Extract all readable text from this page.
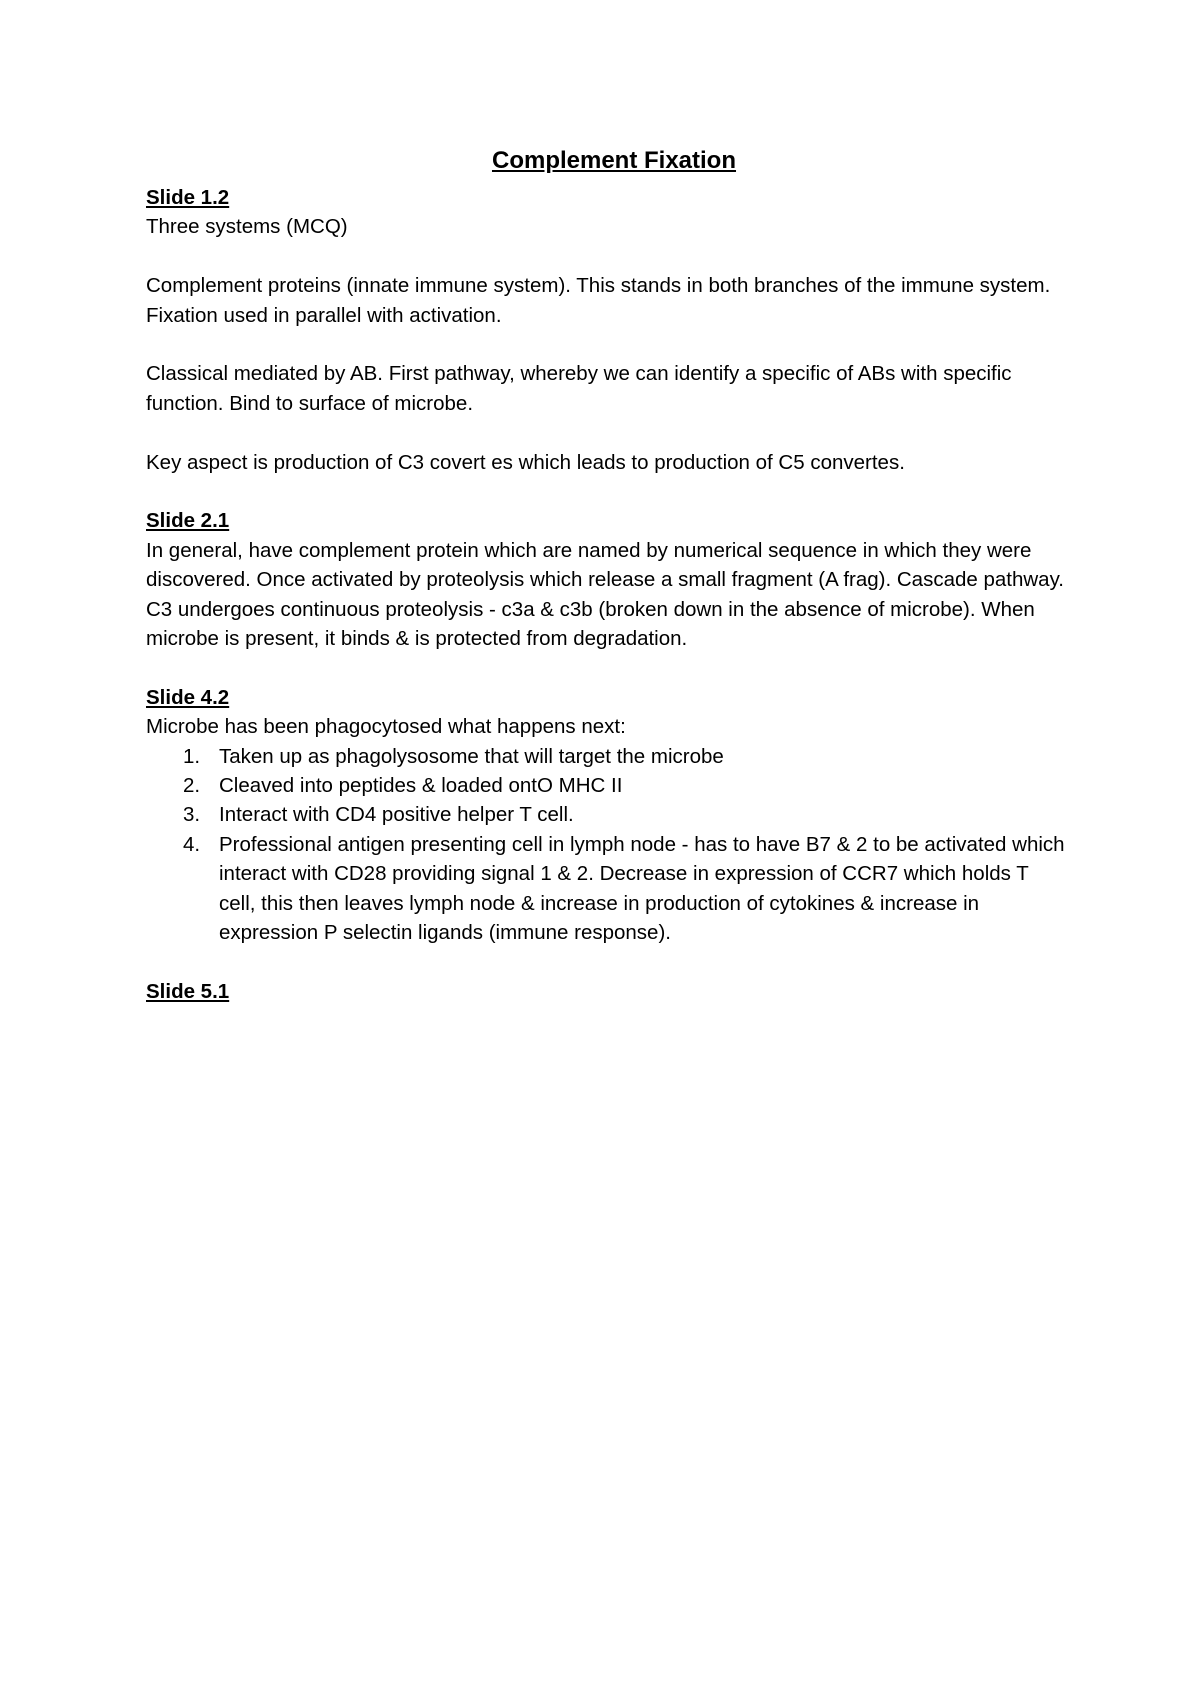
Complement Fixation

Slide 1.2

Three systems (MCQ)

Complement proteins (innate immune system). This stands in both branches of the immune system. Fixation used in parallel with activation.

Classical mediated by AB. First pathway, whereby we can identify a specific of ABs with specific function. Bind to surface of microbe.

Key aspect is production of C3 covert es which leads to production of C5 convertes.

Slide 2.1

In general, have complement protein which are named by numerical sequence in which they were discovered. Once activated by proteolysis which release a small fragment (A frag). Cascade pathway. C3 undergoes continuous proteolysis - c3a & c3b (broken down in the absence of microbe). When microbe is present, it binds & is protected from degradation.

Slide 4.2

Microbe has been phagocytosed what happens next:

1. Taken up as phagolysosome that will target the microbe
2. Cleaved into peptides & loaded ontO MHC II
3. Interact with CD4 positive helper T cell.
4. Professional antigen presenting cell in lymph node - has to have B7 & 2 to be activated which interact with CD28 providing signal 1 & 2. Decrease in expression of CCR7 which holds T cell, this then leaves lymph node & increase in production of cytokines & increase in expression P selectin ligands (immune response).

Slide 5.1
